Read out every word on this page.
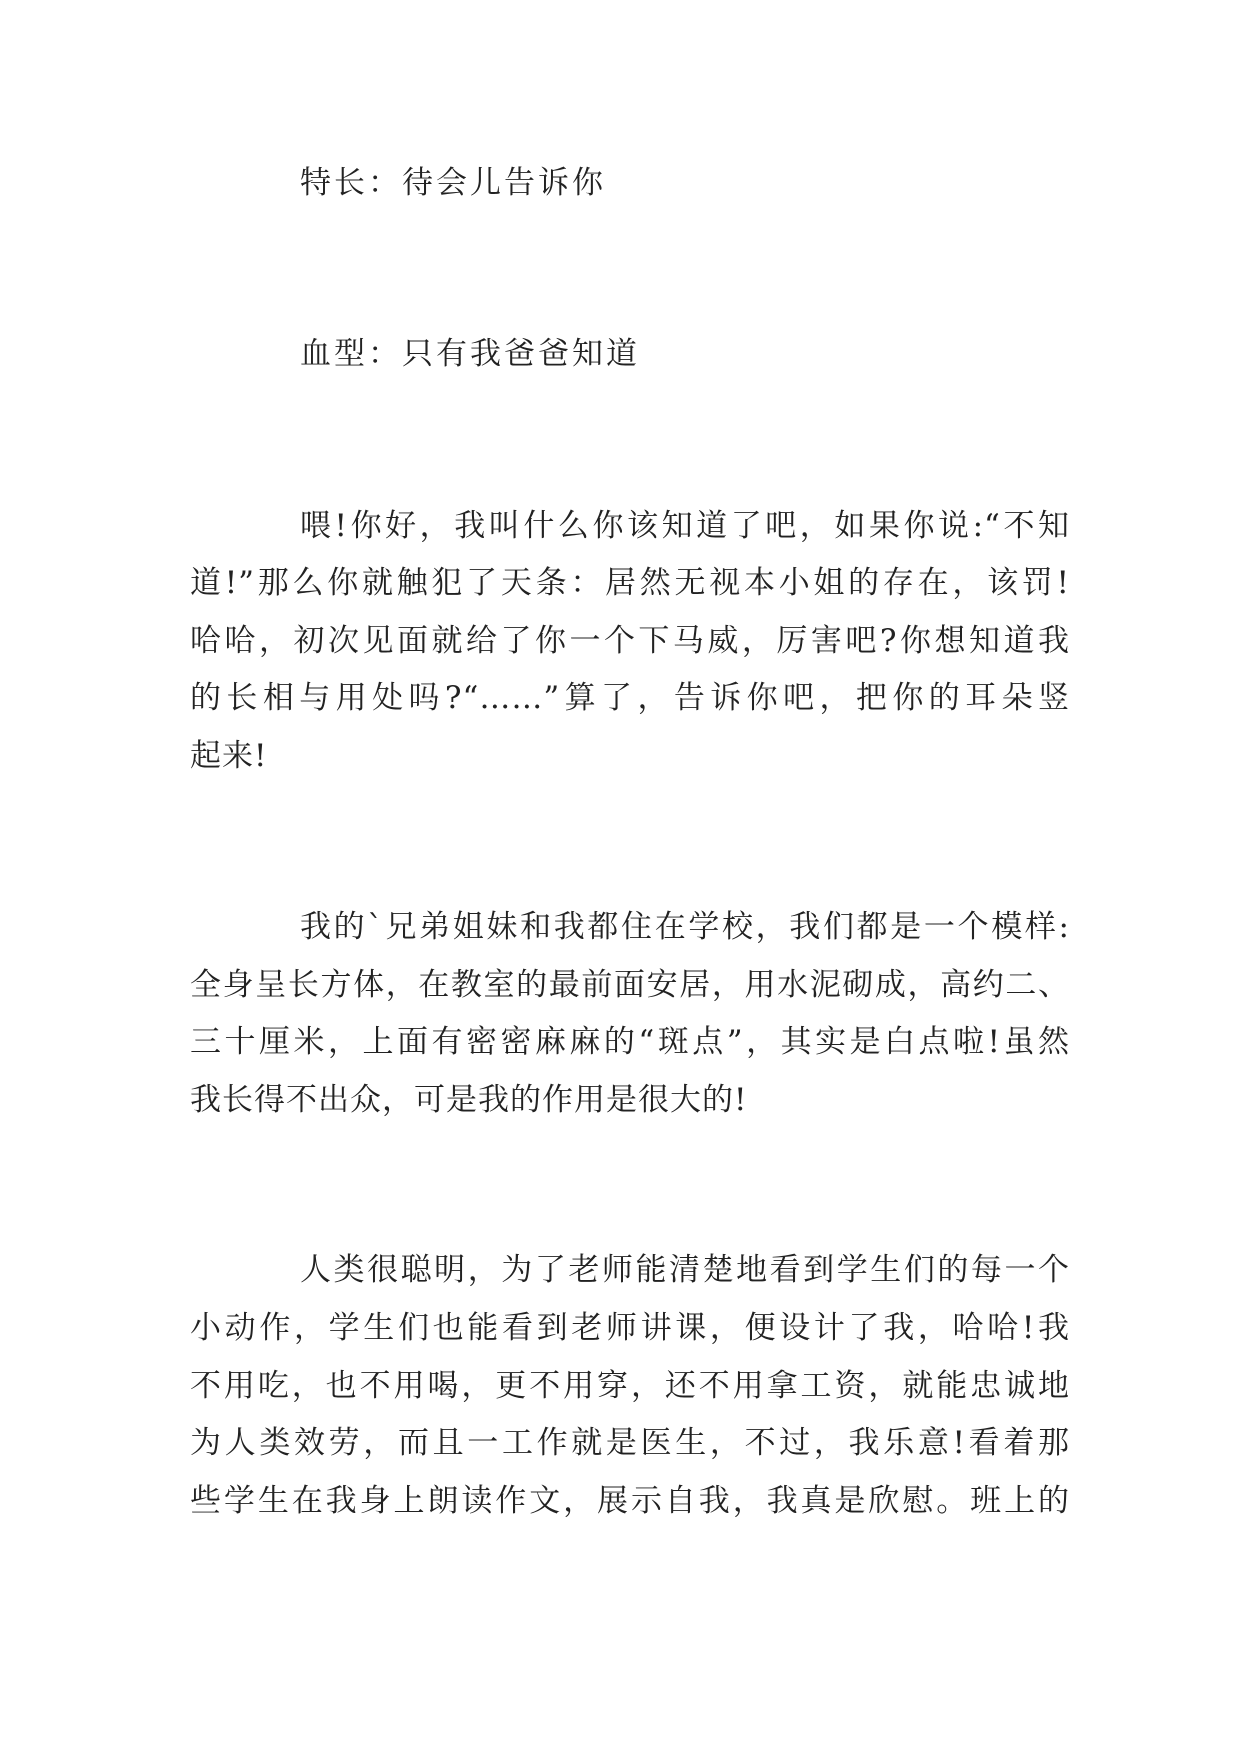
特长：待会儿告诉你

血型：只有我爸爸知道

喂!你好，我叫什么你该知道了吧，如果你说:“不知

道!”那么你就触犯了天条：居然无视本小姐的存在，该罚!

哈哈，初次见面就给了你一个下马威，厉害吧?你想知道我

的长相与用处吗?“……”算了，告诉你吧，把你的耳朵竖

起来!

我的`兄弟姐妹和我都住在学校，我们都是一个模样:

全身呈长方体，在教室的最前面安居，用水泥砌成，高约二、

三十厘米，上面有密密麻麻的“斑点”，其实是白点啦!虽然

我长得不出众，可是我的作用是很大的!

人类很聪明，为了老师能清楚地看到学生们的每一个

小动作，学生们也能看到老师讲课，便设计了我，哈哈!我

不用吃，也不用喝，更不用穿，还不用拿工资，就能忠诚地

为人类效劳，而且一工作就是医生，不过，我乐意!看着那

些学生在我身上朗读作文，展示自我，我真是欣慰。班上的
